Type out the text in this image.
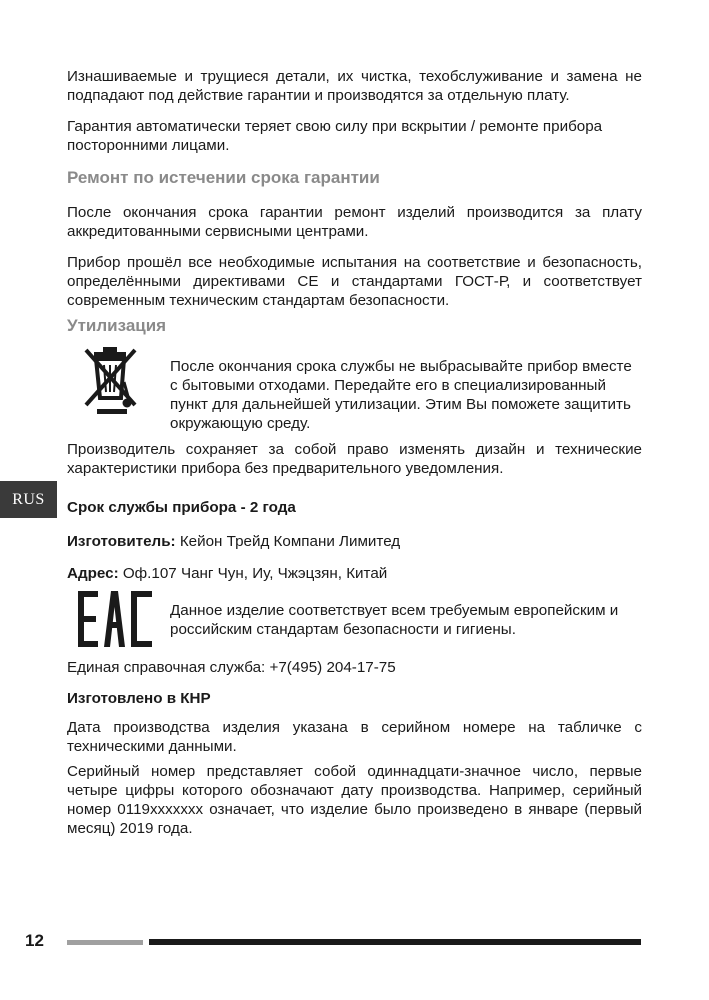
Изнашиваемые и трущиеся детали, их чистка, техобслуживание и замена не подпадают под действие гарантии и производятся за отдельную плату.

Гарантия автоматически теряет свою силу при вскрытии / ремонте прибора посторонними лицами.

Ремонт по истечении срока гарантии

После окончания срока гарантии ремонт изделий производится за плату аккредитованными сервисными центрами.

Прибор прошёл все необходимые испытания на соответствие и безопасность, определёнными директивами СЕ и стандартами ГОСТ-Р, и соответствует современным техническим стандартам безопасности.

Утилизация

После окончания срока службы не выбрасывайте прибор вместе с бытовыми отходами. Передайте его в специализированный пункт для дальнейшей утилизации. Этим Вы поможете защитить окружающую среду.

Производитель сохраняет за собой право изменять дизайн и технические характеристики прибора без предварительного уведомления.

RUS	Срок службы прибора - 2 года

Изготовитель: Кейон Трейд Компани Лимитед

Адрес: Оф.107 Чанг Чун, Иу, Чжэцзян, Китай

Данное изделие соответствует всем требуемым европейским и российским стандартам безопасности и гигиены.

Единая справочная служба: +7(495) 204-17-75

Изготовлено в КНР

Дата производства изделия указана в серийном номере на табличке с техническими данными.

Серийный номер представляет собой одиннадцати-значное число, первые четыре цифры которого обозначают дату производства. Например, серийный номер 0119ххххххх означает, что изделие было произведено в январе (первый месяц) 2019 года.

12
